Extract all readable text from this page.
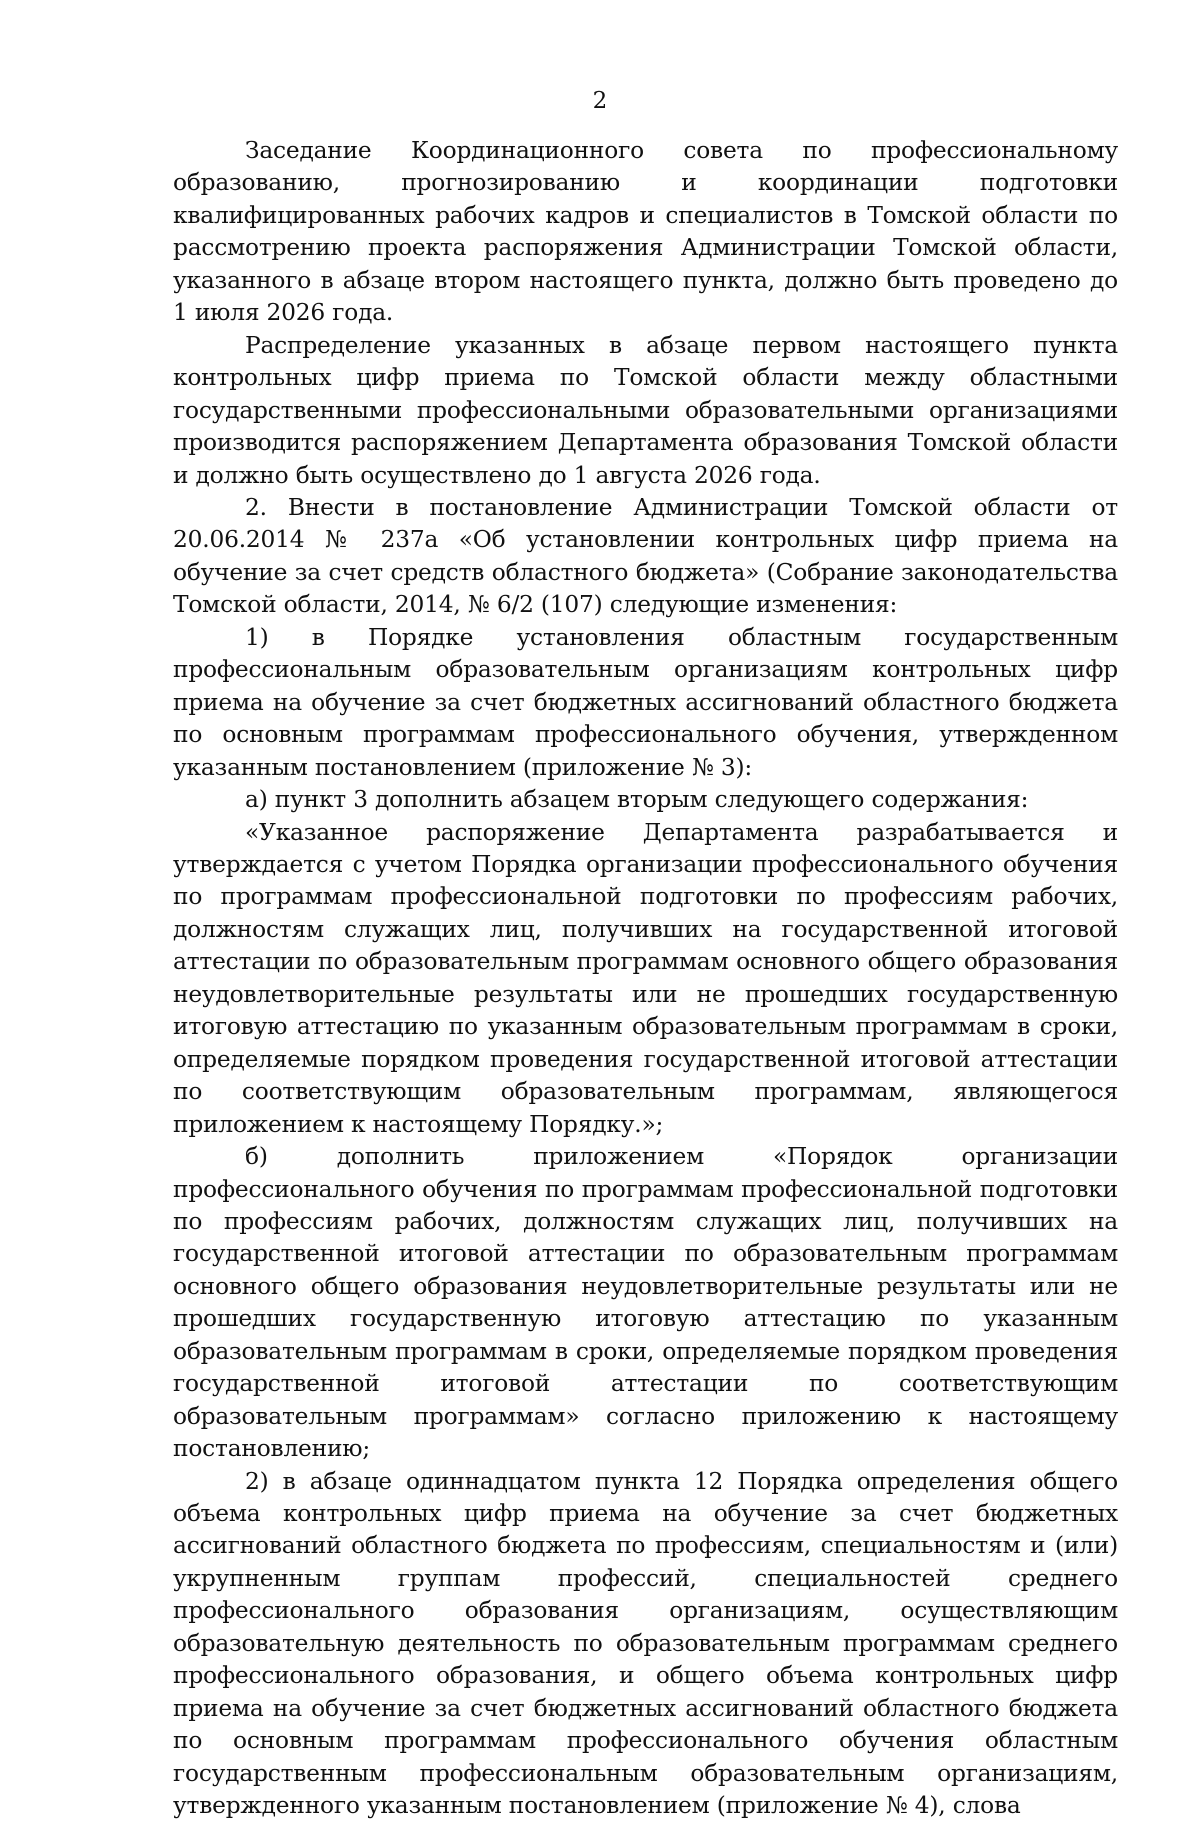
2

Заседание Координационного совета по профессиональному образованию, прогнозированию и координации подготовки квалифицированных рабочих кадров и специалистов в Томской области по рассмотрению проекта распоряжения Администрации Томской области, указанного в абзаце втором настоящего пункта, должно быть проведено до 1 июля 2026 года.

Распределение указанных в абзаце первом настоящего пункта контрольных цифр приема по Томской области между областными государственными профессиональными образовательными организациями производится распоряжением Департамента образования Томской области и должно быть осуществлено до 1 августа 2026 года.

2. Внести в постановление Администрации Томской области от 20.06.2014 № 237а «Об установлении контрольных цифр приема на обучение за счет средств областного бюджета» (Собрание законодательства Томской области, 2014, № 6/2 (107) следующие изменения:

1) в Порядке установления областным государственным профессиональным образовательным организациям контрольных цифр приема на обучение за счет бюджетных ассигнований областного бюджета по основным программам профессионального обучения, утвержденном указанным постановлением (приложение № 3):

а) пункт 3 дополнить абзацем вторым следующего содержания:

«Указанное распоряжение Департамента разрабатывается и утверждается с учетом Порядка организации профессионального обучения по программам профессиональной подготовки по профессиям рабочих, должностям служащих лиц, получивших на государственной итоговой аттестации по образовательным программам основного общего образования неудовлетворительные результаты или не прошедших государственную итоговую аттестацию по указанным образовательным программам в сроки, определяемые порядком проведения государственной итоговой аттестации по соответствующим образовательным программам, являющегося приложением к настоящему Порядку.»;

б) дополнить приложением «Порядок организации профессионального обучения по программам профессиональной подготовки по профессиям рабочих, должностям служащих лиц, получивших на государственной итоговой аттестации по образовательным программам основного общего образования неудовлетворительные результаты или не прошедших государственную итоговую аттестацию по указанным образовательным программам в сроки, определяемые порядком проведения государственной итоговой аттестации по соответствующим образовательным программам» согласно приложению к настоящему постановлению;

2) в абзаце одиннадцатом пункта 12 Порядка определения общего объема контрольных цифр приема на обучение за счет бюджетных ассигнований областного бюджета по профессиям, специальностям и (или) укрупненным группам профессий, специальностей среднего профессионального образования организациям, осуществляющим образовательную деятельность по образовательным программам среднего профессионального образования, и общего объема контрольных цифр приема на обучение за счет бюджетных ассигнований областного бюджета по основным программам профессионального обучения областным государственным профессиональным образовательным организациям, утвержденного указанным постановлением (приложение № 4), слова
